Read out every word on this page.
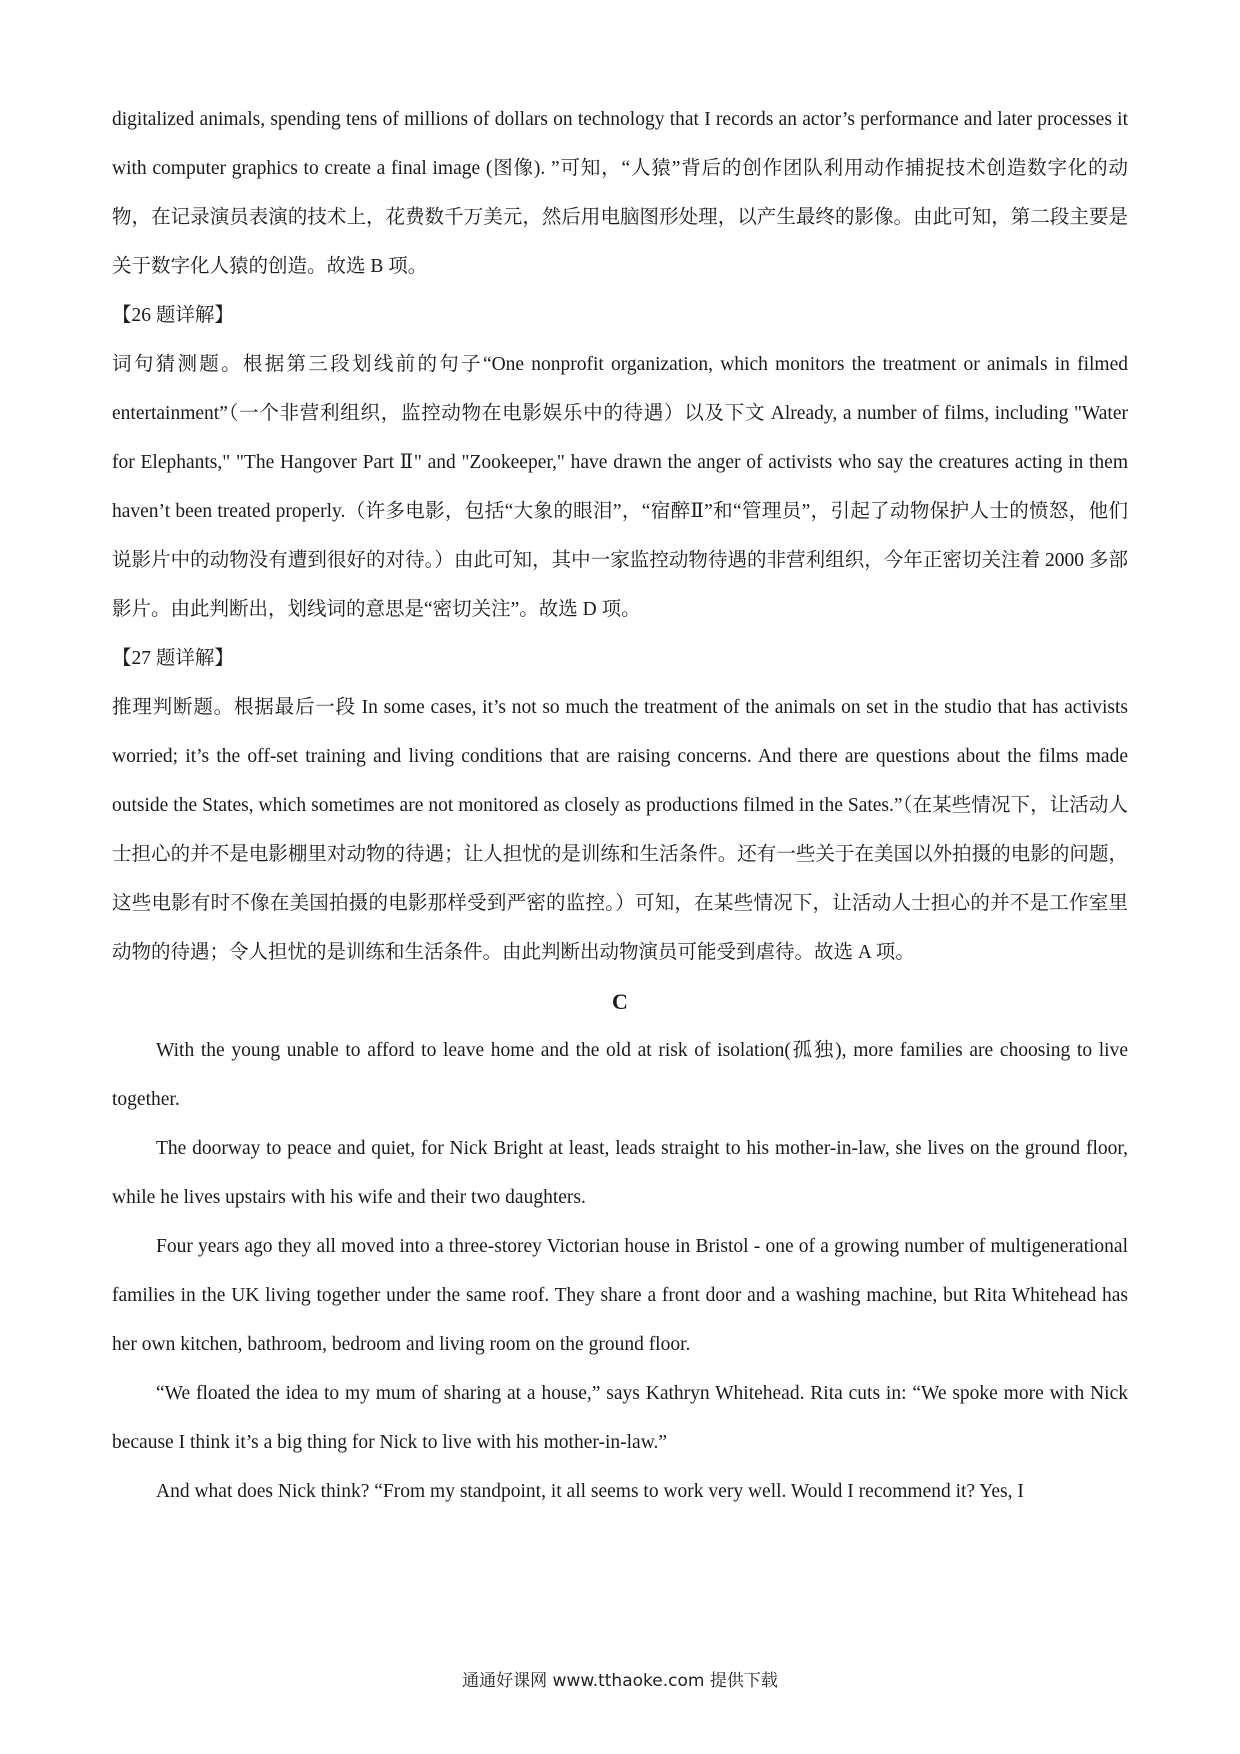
digitalized animals, spending tens of millions of dollars on technology that I records an actor’s performance and later processes it with computer graphics to create a final image (图像). ”可知，“人猿”背后的创作团队利用动作捕捉技术创造数字化的动物，在记录演员表演的技术上，花费数千万美元，然后用电脑图形处理，以产生最终的影像。由此可知，第二段主要是关于数字化人猿的创造。故选 B 项。

【26 题详解】

词句猜测题。根据第三段划线前的句子“One nonprofit organization, which monitors the treatment or animals in filmed entertainment”（一个非营利组织，监控动物在电影娱乐中的待遇）以及下文 Already, a number of films, including "Water for Elephants," "The Hangover Part Ⅱ" and "Zookeeper," have drawn the anger of activists who say the creatures acting in them haven’t been treated properly.（许多电影，包括“大象的眼泪”，“宿醉Ⅱ”和“管理员”，引起了动物保护人士的愤怒，他们说影片中的动物没有遭到很好的对待。）由此可知，其中一家监控动物待遇的非营利组织，今年正密切关注着 2000 多部影片。由此判断出，划线词的意思是“密切关注”。故选 D 项。

【27 题详解】

推理判断题。根据最后一段 In some cases, it’s not so much the treatment of the animals on set in the studio that has activists worried; it’s the off-set training and living conditions that are raising concerns. And there are questions about the films made outside the States, which sometimes are not monitored as closely as productions filmed in the Sates.”（在某些情况下，让活动人士担心的并不是电影棚里对动物的待遇；让人担忧的是训练和生活条件。还有一些关于在美国以外拍摄的电影的问题，这些电影有时不像在美国拍摄的电影那样受到严密的监控。）可知，在某些情况下，让活动人士担心的并不是工作室里动物的待遇；令人担忧的是训练和生活条件。由此判断出动物演员可能受到虐待。故选 A 项。

C

With the young unable to afford to leave home and the old at risk of isolation(孤独), more families are choosing to live together.

The doorway to peace and quiet, for Nick Bright at least, leads straight to his mother-in-law, she lives on the ground floor, while he lives upstairs with his wife and their two daughters.

Four years ago they all moved into a three-storey Victorian house in Bristol - one of a growing number of multigenerational families in the UK living together under the same roof. They share a front door and a washing machine, but Rita Whitehead has her own kitchen, bathroom, bedroom and living room on the ground floor.

“We floated the idea to my mum of sharing at a house,” says Kathryn Whitehead. Rita cuts in: “We spoke more with Nick because I think it’s a big thing for Nick to live with his mother-in-law.”

And what does Nick think? “From my standpoint, it all seems to work very well. Would I recommend it? Yes, I

通通好课网 www.tthaoke.com 提供下载
